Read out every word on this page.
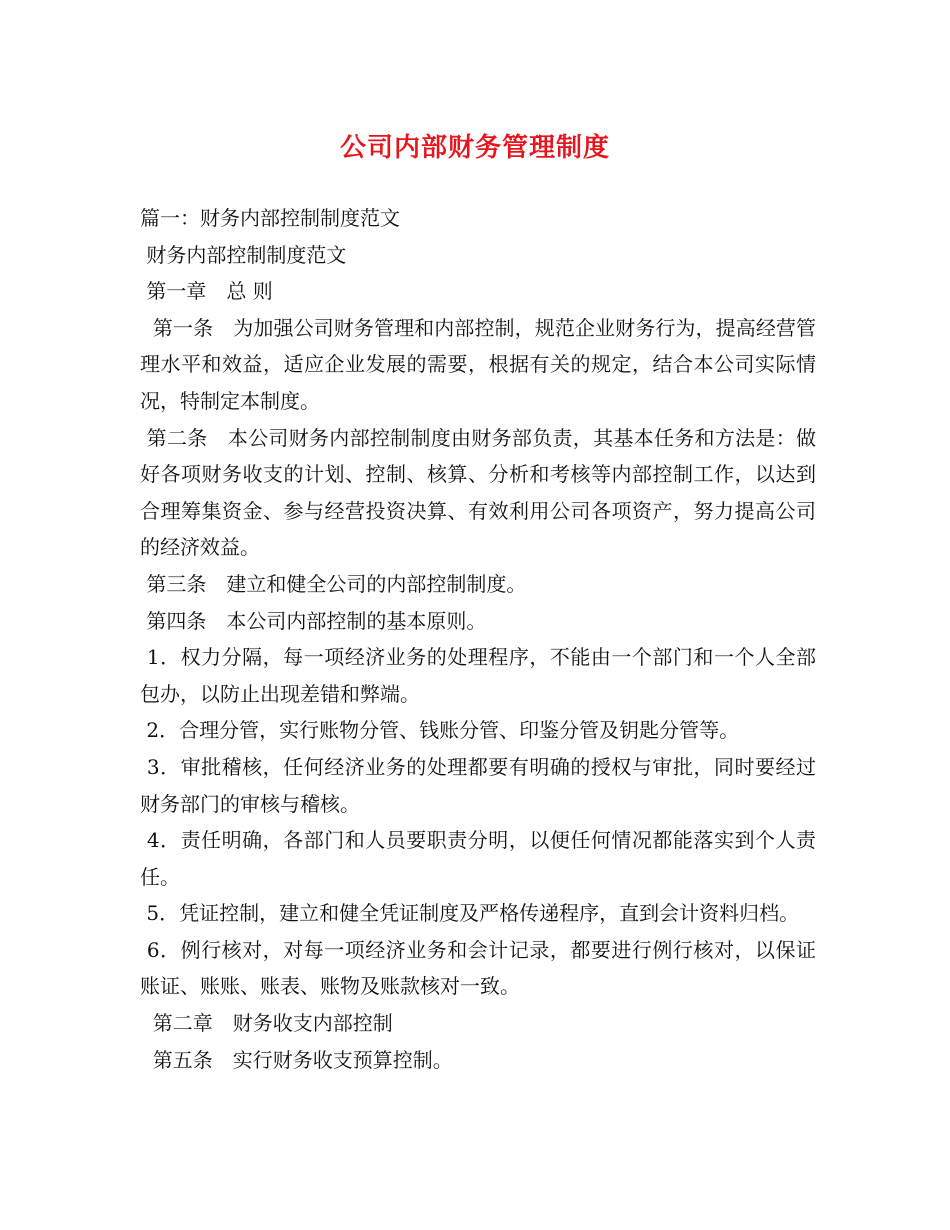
公司内部财务管理制度

篇一：财务内部控制制度范文

财务内部控制制度范文

第一章　总 则

第一条　为加强公司财务管理和内部控制，规范企业财务行为，提高经营管理水平和效益，适应企业发展的需要，根据有关的规定，结合本公司实际情况，特制定本制度。

第二条　本公司财务内部控制制度由财务部负责，其基本任务和方法是：做好各项财务收支的计划、控制、核算、分析和考核等内部控制工作，以达到合理筹集资金、参与经营投资决算、有效利用公司各项资产，努力提高公司的经济效益。

第三条　建立和健全公司的内部控制制度。

第四条　本公司内部控制的基本原则。

1．权力分隔，每一项经济业务的处理程序，不能由一个部门和一个人全部包办，以防止出现差错和弊端。

2．合理分管，实行账物分管、钱账分管、印鉴分管及钥匙分管等。

3．审批稽核，任何经济业务的处理都要有明确的授权与审批，同时要经过财务部门的审核与稽核。

4．责任明确，各部门和人员要职责分明，以便任何情况都能落实到个人责任。

5．凭证控制，建立和健全凭证制度及严格传递程序，直到会计资料归档。

6．例行核对，对每一项经济业务和会计记录，都要进行例行核对，以保证账证、账账、账表、账物及账款核对一致。

第二章　财务收支内部控制

第五条　实行财务收支预算控制。
